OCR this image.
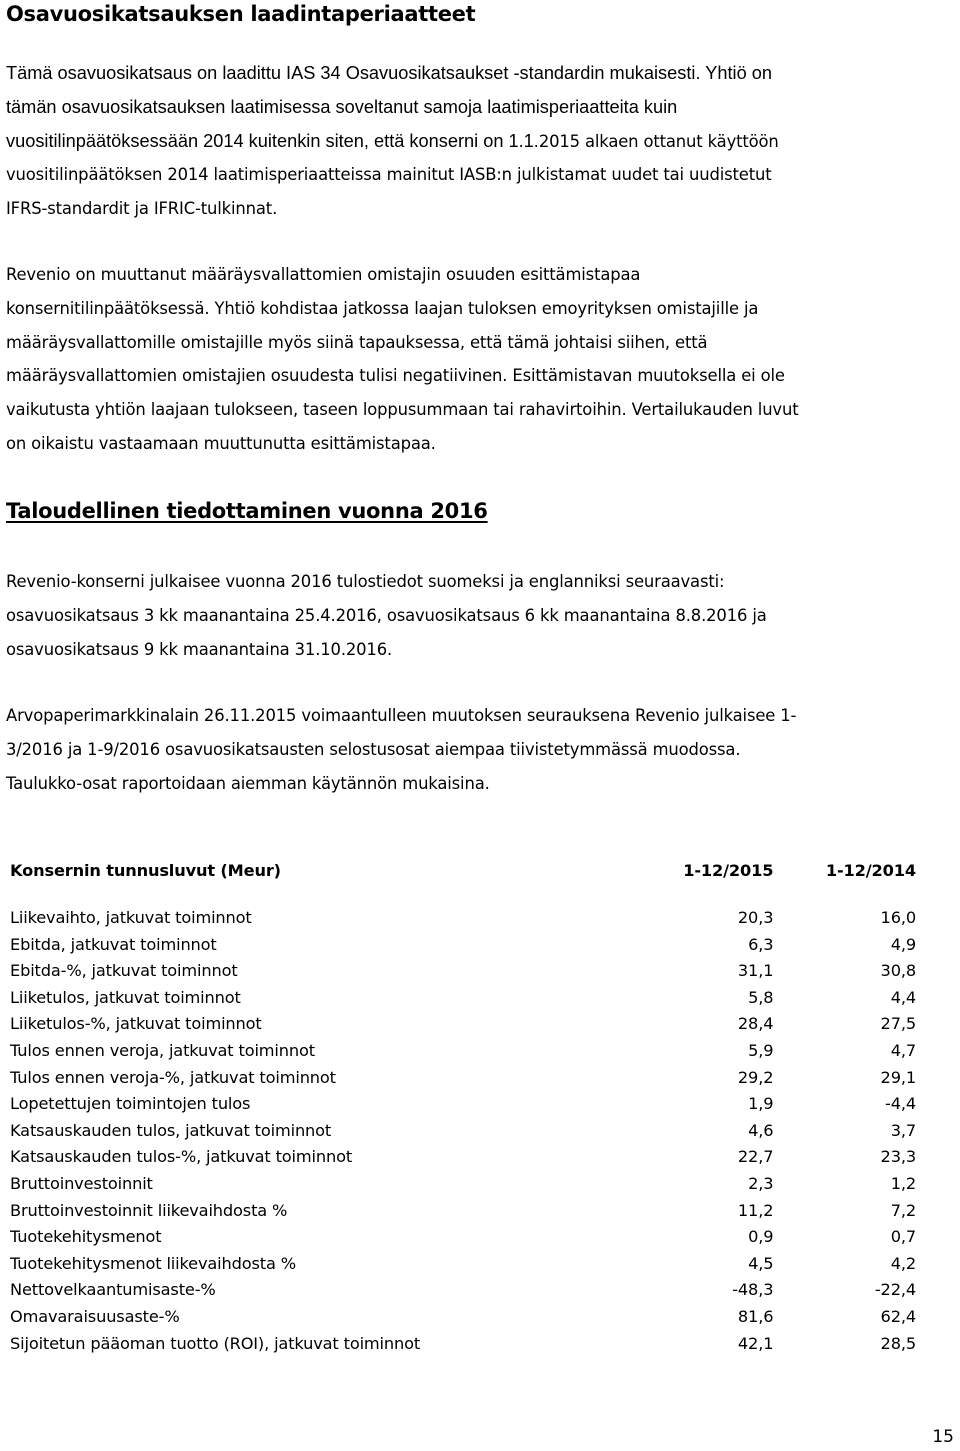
Osavuosikatsauksen laadintaperiaatteet

Tämä osavuosikatsaus on laadittu IAS 34 Osavuosikatsaukset -standardin mukaisesti. Yhtiö on
tämän osavuosikatsauksen laatimisessa soveltanut samoja laatimisperiaatteita kuin
vuositilinpäätöksessään 2014 kuitenkin siten, että konserni on 1.1.2015 alkaen ottanut käyttöön
vuositilinpäätöksen 2014 laatimisperiaatteissa mainitut IASB:n julkistamat uudet tai uudistetut
IFRS-standardit ja IFRIC-tulkinnat.

Revenio on muuttanut määräysvallattomien omistajin osuuden esittämistapaa
konsernitilinpäätöksessä. Yhtiö kohdistaa jatkossa laajan tuloksen emoyrityksen omistajille ja
määräysvallattomille omistajille myös siinä tapauksessa, että tämä johtaisi siihen, että
määräysvallattomien omistajien osuudesta tulisi negatiivinen. Esittämistavan muutoksella ei ole
vaikutusta yhtiön laajaan tulokseen, taseen loppusummaan tai rahavirtoihin. Vertailukauden luvut
on oikaistu vastaamaan muuttunutta esittämistapaa.

Taloudellinen tiedottaminen vuonna 2016

Revenio-konserni julkaisee vuonna 2016 tulostiedot suomeksi ja englanniksi seuraavasti:
osavuosikatsaus 3 kk maanantaina 25.4.2016, osavuosikatsaus 6 kk maanantaina 8.8.2016 ja
osavuosikatsaus 9 kk maanantaina 31.10.2016.

Arvopaperimarkkinalain 26.11.2015 voimaantulleen muutoksen seurauksena Revenio julkaisee 1-
3/2016 ja 1-9/2016 osavuosikatsausten selostusosat aiempaa tiivistetymmässä muodossa.
Taulukko-osat raportoidaan aiemman käytännön mukaisina.

Konsernin tunnusluvut (Meur)	1-12/2015	1-12/2014

Liikevaihto, jatkuvat toiminnot	20,3	16,0
Ebitda, jatkuvat toiminnot	6,3	4,9
Ebitda-%, jatkuvat toiminnot	31,1	30,8
Liiketulos, jatkuvat toiminnot	5,8	4,4
Liiketulos-%, jatkuvat toiminnot	28,4	27,5
Tulos ennen veroja, jatkuvat toiminnot	5,9	4,7
Tulos ennen veroja-%, jatkuvat toiminnot	29,2	29,1
Lopetettujen toimintojen tulos	1,9	-4,4
Katsauskauden tulos, jatkuvat toiminnot	4,6	3,7
Katsauskauden tulos-%, jatkuvat toiminnot	22,7	23,3
Bruttoinvestoinnit	2,3	1,2
Bruttoinvestoinnit liikevaihdosta %	11,2	7,2
Tuotekehitysmenot	0,9	0,7
Tuotekehitysmenot liikevaihdosta %	4,5	4,2
Nettovelkaantumisaste-%	-48,3	-22,4
Omavaraisuusaste-%	81,6	62,4
Sijoitetun pääoman tuotto (ROI), jatkuvat toiminnot	42,1	28,5
15
